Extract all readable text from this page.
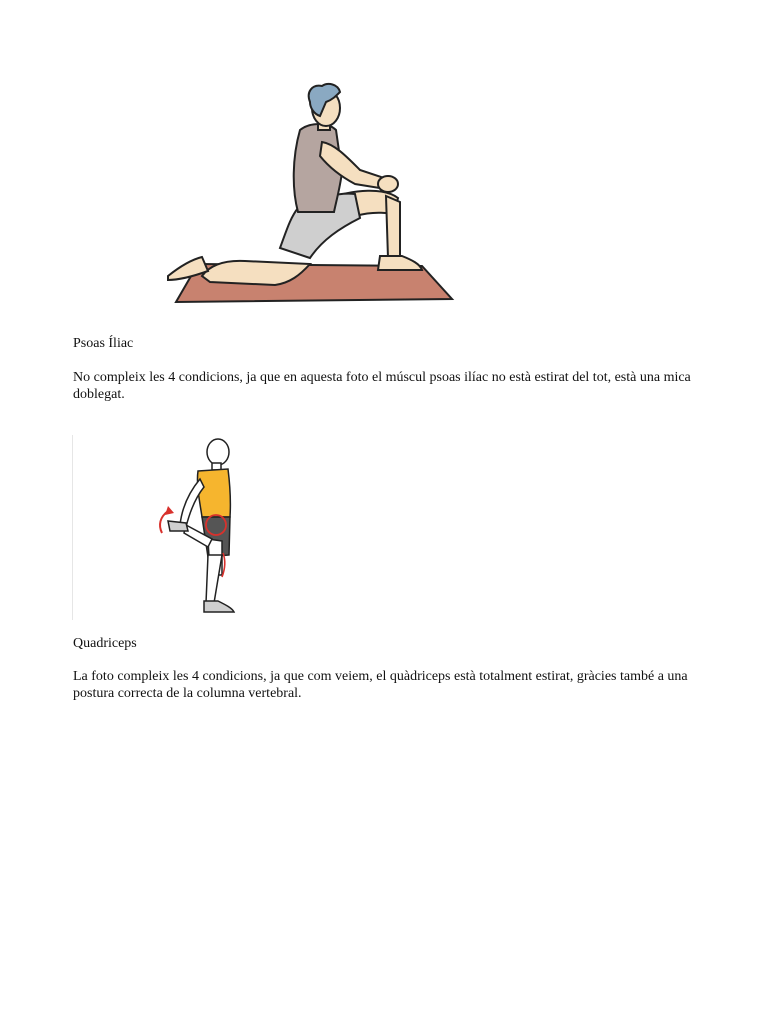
Psoas Íliac

No compleix les 4 condicions, ja que en aquesta foto el múscul psoas ilíac no està estirat del tot, està una mica doblegat.

Quadriceps

La foto compleix les 4 condicions, ja que com veiem, el quàdriceps està totalment estirat, gràcies també a una postura correcta de la columna vertebral.
